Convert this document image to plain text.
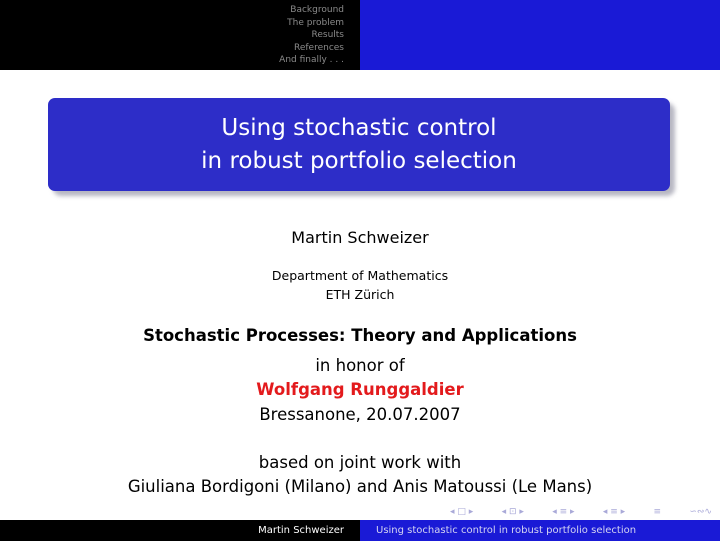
Background
The problem
Results
References
And finally . . .
Using stochastic control
in robust portfolio selection
Martin Schweizer
Department of Mathematics
ETH Zürich
Stochastic Processes: Theory and Applications
in honor of
Wolfgang Runggaldier
Bressanone, 20.07.2007
based on joint work with
Giuliana Bordigoni (Milano) and Anis Matoussi (Le Mans)
◂ □ ▸	◂ ⊡ ▸	◂ ≡ ▸	◂ ≡ ▸	≡	∽∾∿
Martin Schweizer	Using stochastic control in robust portfolio selection
